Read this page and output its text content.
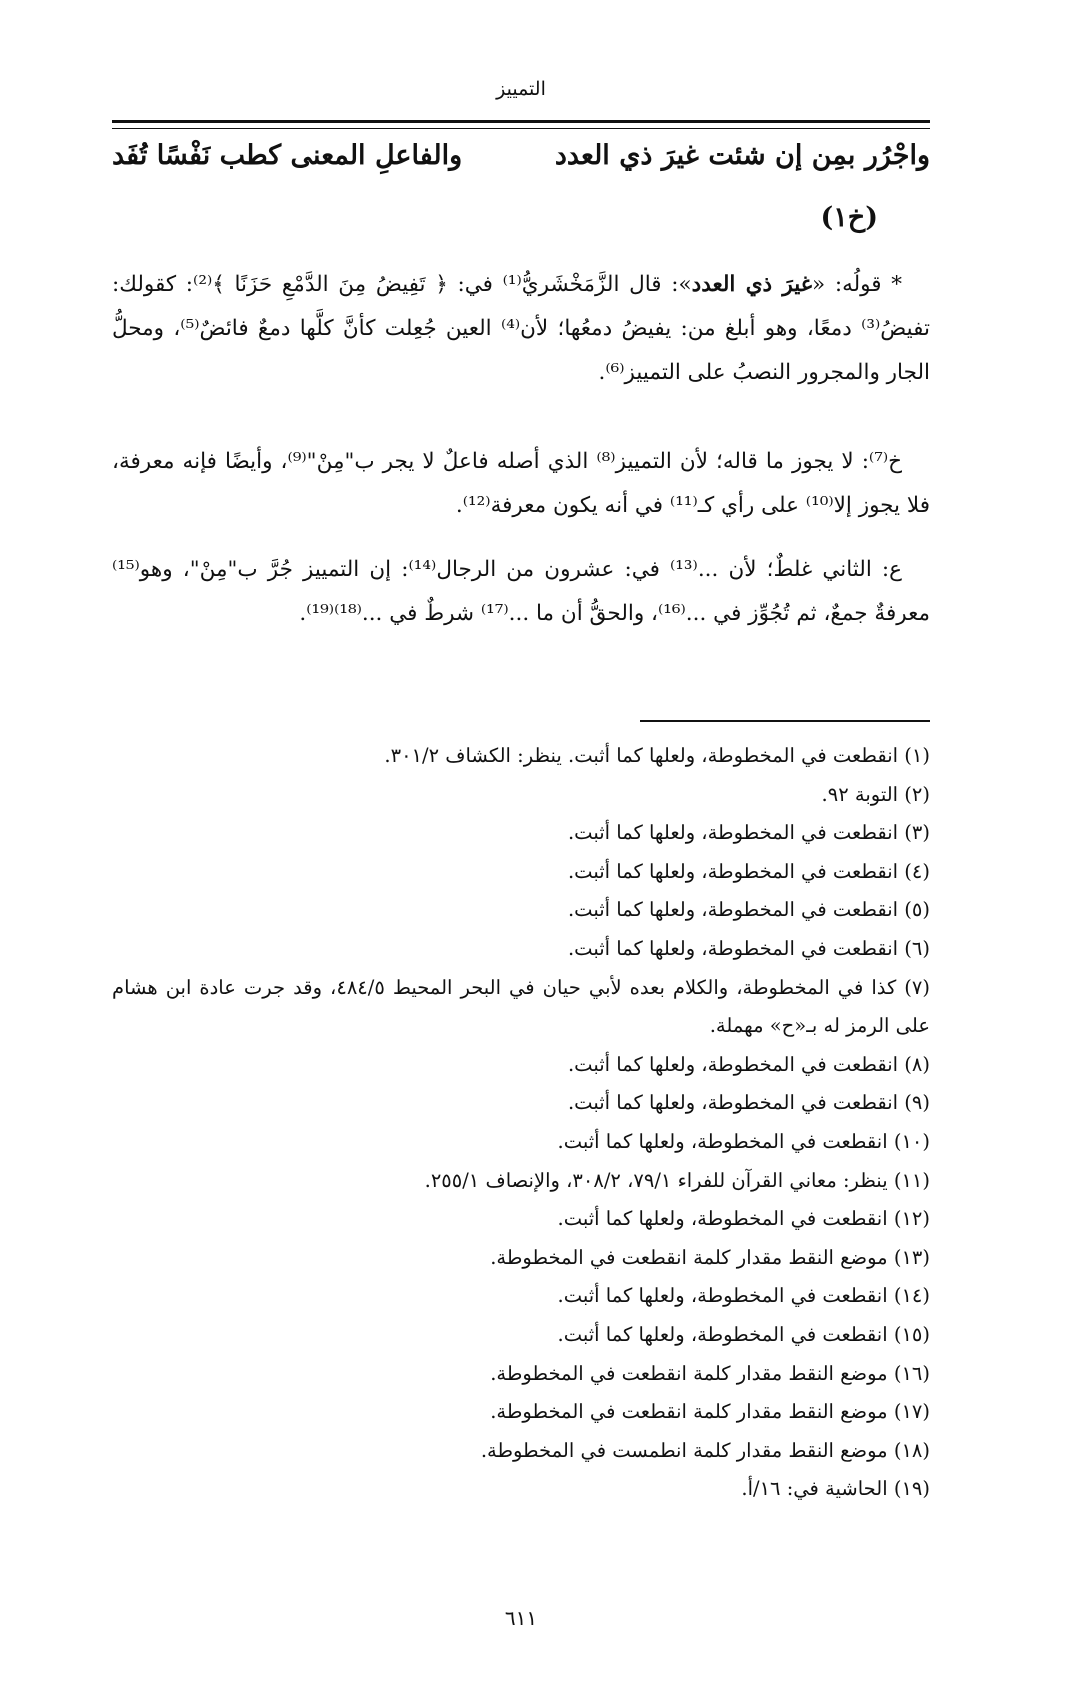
التمييز
واجْرُر بمِن إن شئت غيرَ ذي العدد
والفاعلِ المعنى كطب نَفْسًا تُفَد
(خ١)
* قولُه: «غيرَ ذي العدد»: قال الزَّمَخْشَريُّ⁽¹⁾ في: ﴿ تَفِيضُ مِنَ الدَّمْعِ حَزَنًا ﴾⁽²⁾: كقولك: تفيضُ⁽³⁾ دمعًا، وهو أبلغ من: يفيضُ دمعُها؛ لأن⁽⁴⁾ العين جُعِلت كأنَّ كلَّها دمعٌ فائضٌ⁽⁵⁾، ومحلُّ الجار والمجرور النصبُ على التمييز⁽⁶⁾.
خ⁽⁷⁾: لا يجوز ما قاله؛ لأن التمييز⁽⁸⁾ الذي أصله فاعلٌ لا يجر ب"مِنْ"⁽⁹⁾، وأيضًا فإنه معرفة، فلا يجوز إلا⁽¹⁰⁾ على رأي كـ⁽¹¹⁾ في أنه يكون معرفة⁽¹²⁾.
ع: الثاني غلطٌ؛ لأن ...⁽¹³⁾ في: عشرون من الرجال⁽¹⁴⁾: إن التمييز جُرَّ ب"مِنْ"، وهو⁽¹⁵⁾ معرفةٌ جمعٌ، ثم تُجُوِّز في ...⁽¹⁶⁾، والحقُّ أن ما ...⁽¹⁷⁾ شرطٌ في ...⁽¹⁸⁾⁽¹⁹⁾.
(١) انقطعت في المخطوطة، ولعلها كما أثبت. ينظر: الكشاف ٣٠١/٢.
(٢) التوبة ٩٢.
(٣) انقطعت في المخطوطة، ولعلها كما أثبت.
(٤) انقطعت في المخطوطة، ولعلها كما أثبت.
(٥) انقطعت في المخطوطة، ولعلها كما أثبت.
(٦) انقطعت في المخطوطة، ولعلها كما أثبت.
(٧) كذا في المخطوطة، والكلام بعده لأبي حيان في البحر المحيط ٤٨٤/٥، وقد جرت عادة ابن هشام على الرمز له بـ«ح» مهملة.
(٨) انقطعت في المخطوطة، ولعلها كما أثبت.
(٩) انقطعت في المخطوطة، ولعلها كما أثبت.
(١٠) انقطعت في المخطوطة، ولعلها كما أثبت.
(١١) ينظر: معاني القرآن للفراء ٧٩/١، ٣٠٨/٢، والإنصاف ٢٥٥/١.
(١٢) انقطعت في المخطوطة، ولعلها كما أثبت.
(١٣) موضع النقط مقدار كلمة انقطعت في المخطوطة.
(١٤) انقطعت في المخطوطة، ولعلها كما أثبت.
(١٥) انقطعت في المخطوطة، ولعلها كما أثبت.
(١٦) موضع النقط مقدار كلمة انقطعت في المخطوطة.
(١٧) موضع النقط مقدار كلمة انقطعت في المخطوطة.
(١٨) موضع النقط مقدار كلمة انطمست في المخطوطة.
(١٩) الحاشية في: ١٦/أ.
٦١١
